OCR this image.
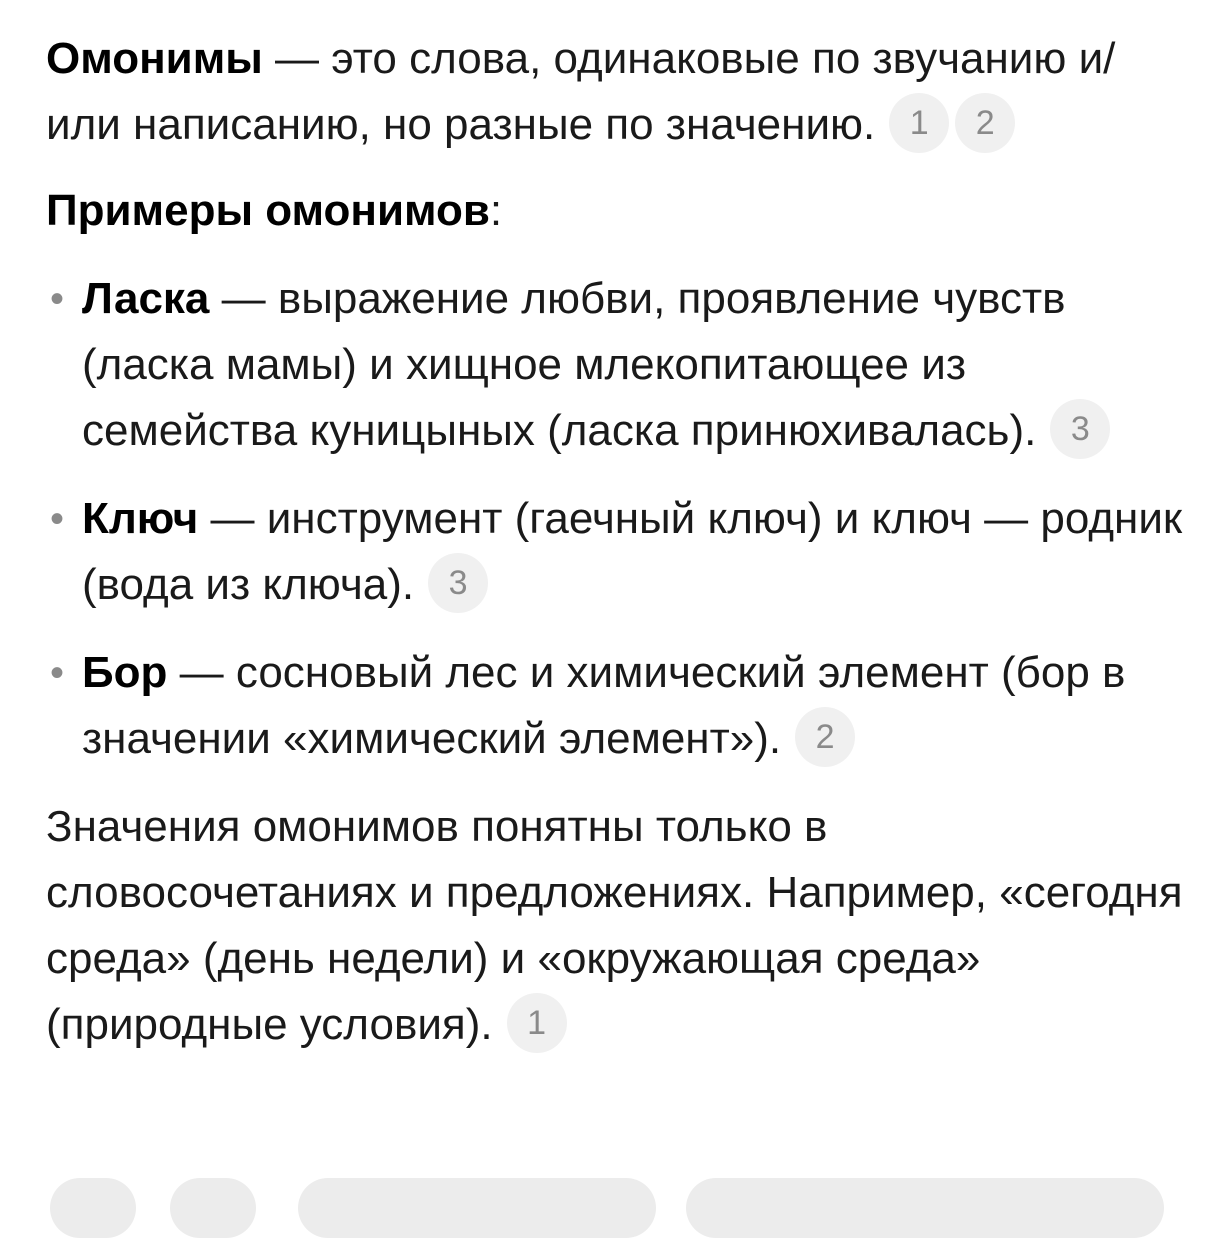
Омонимы — это слова, одинаковые по звучанию и/или написанию, но разные по значению. 1 2

Примеры омонимов:

• Ласка — выражение любви, проявление чувств (ласка мамы) и хищное млекопитающее из семейства куницыных (ласка принюхивалась). 3
• Ключ — инструмент (гаечный ключ) и ключ — родник (вода из ключа). 3
• Бор — сосновый лес и химический элемент (бор в значении «химический элемент»). 2

Значения омонимов понятны только в словосочетаниях и предложениях. Например, «сегодня среда» (день недели) и «окружающая среда» (природные условия). 1
